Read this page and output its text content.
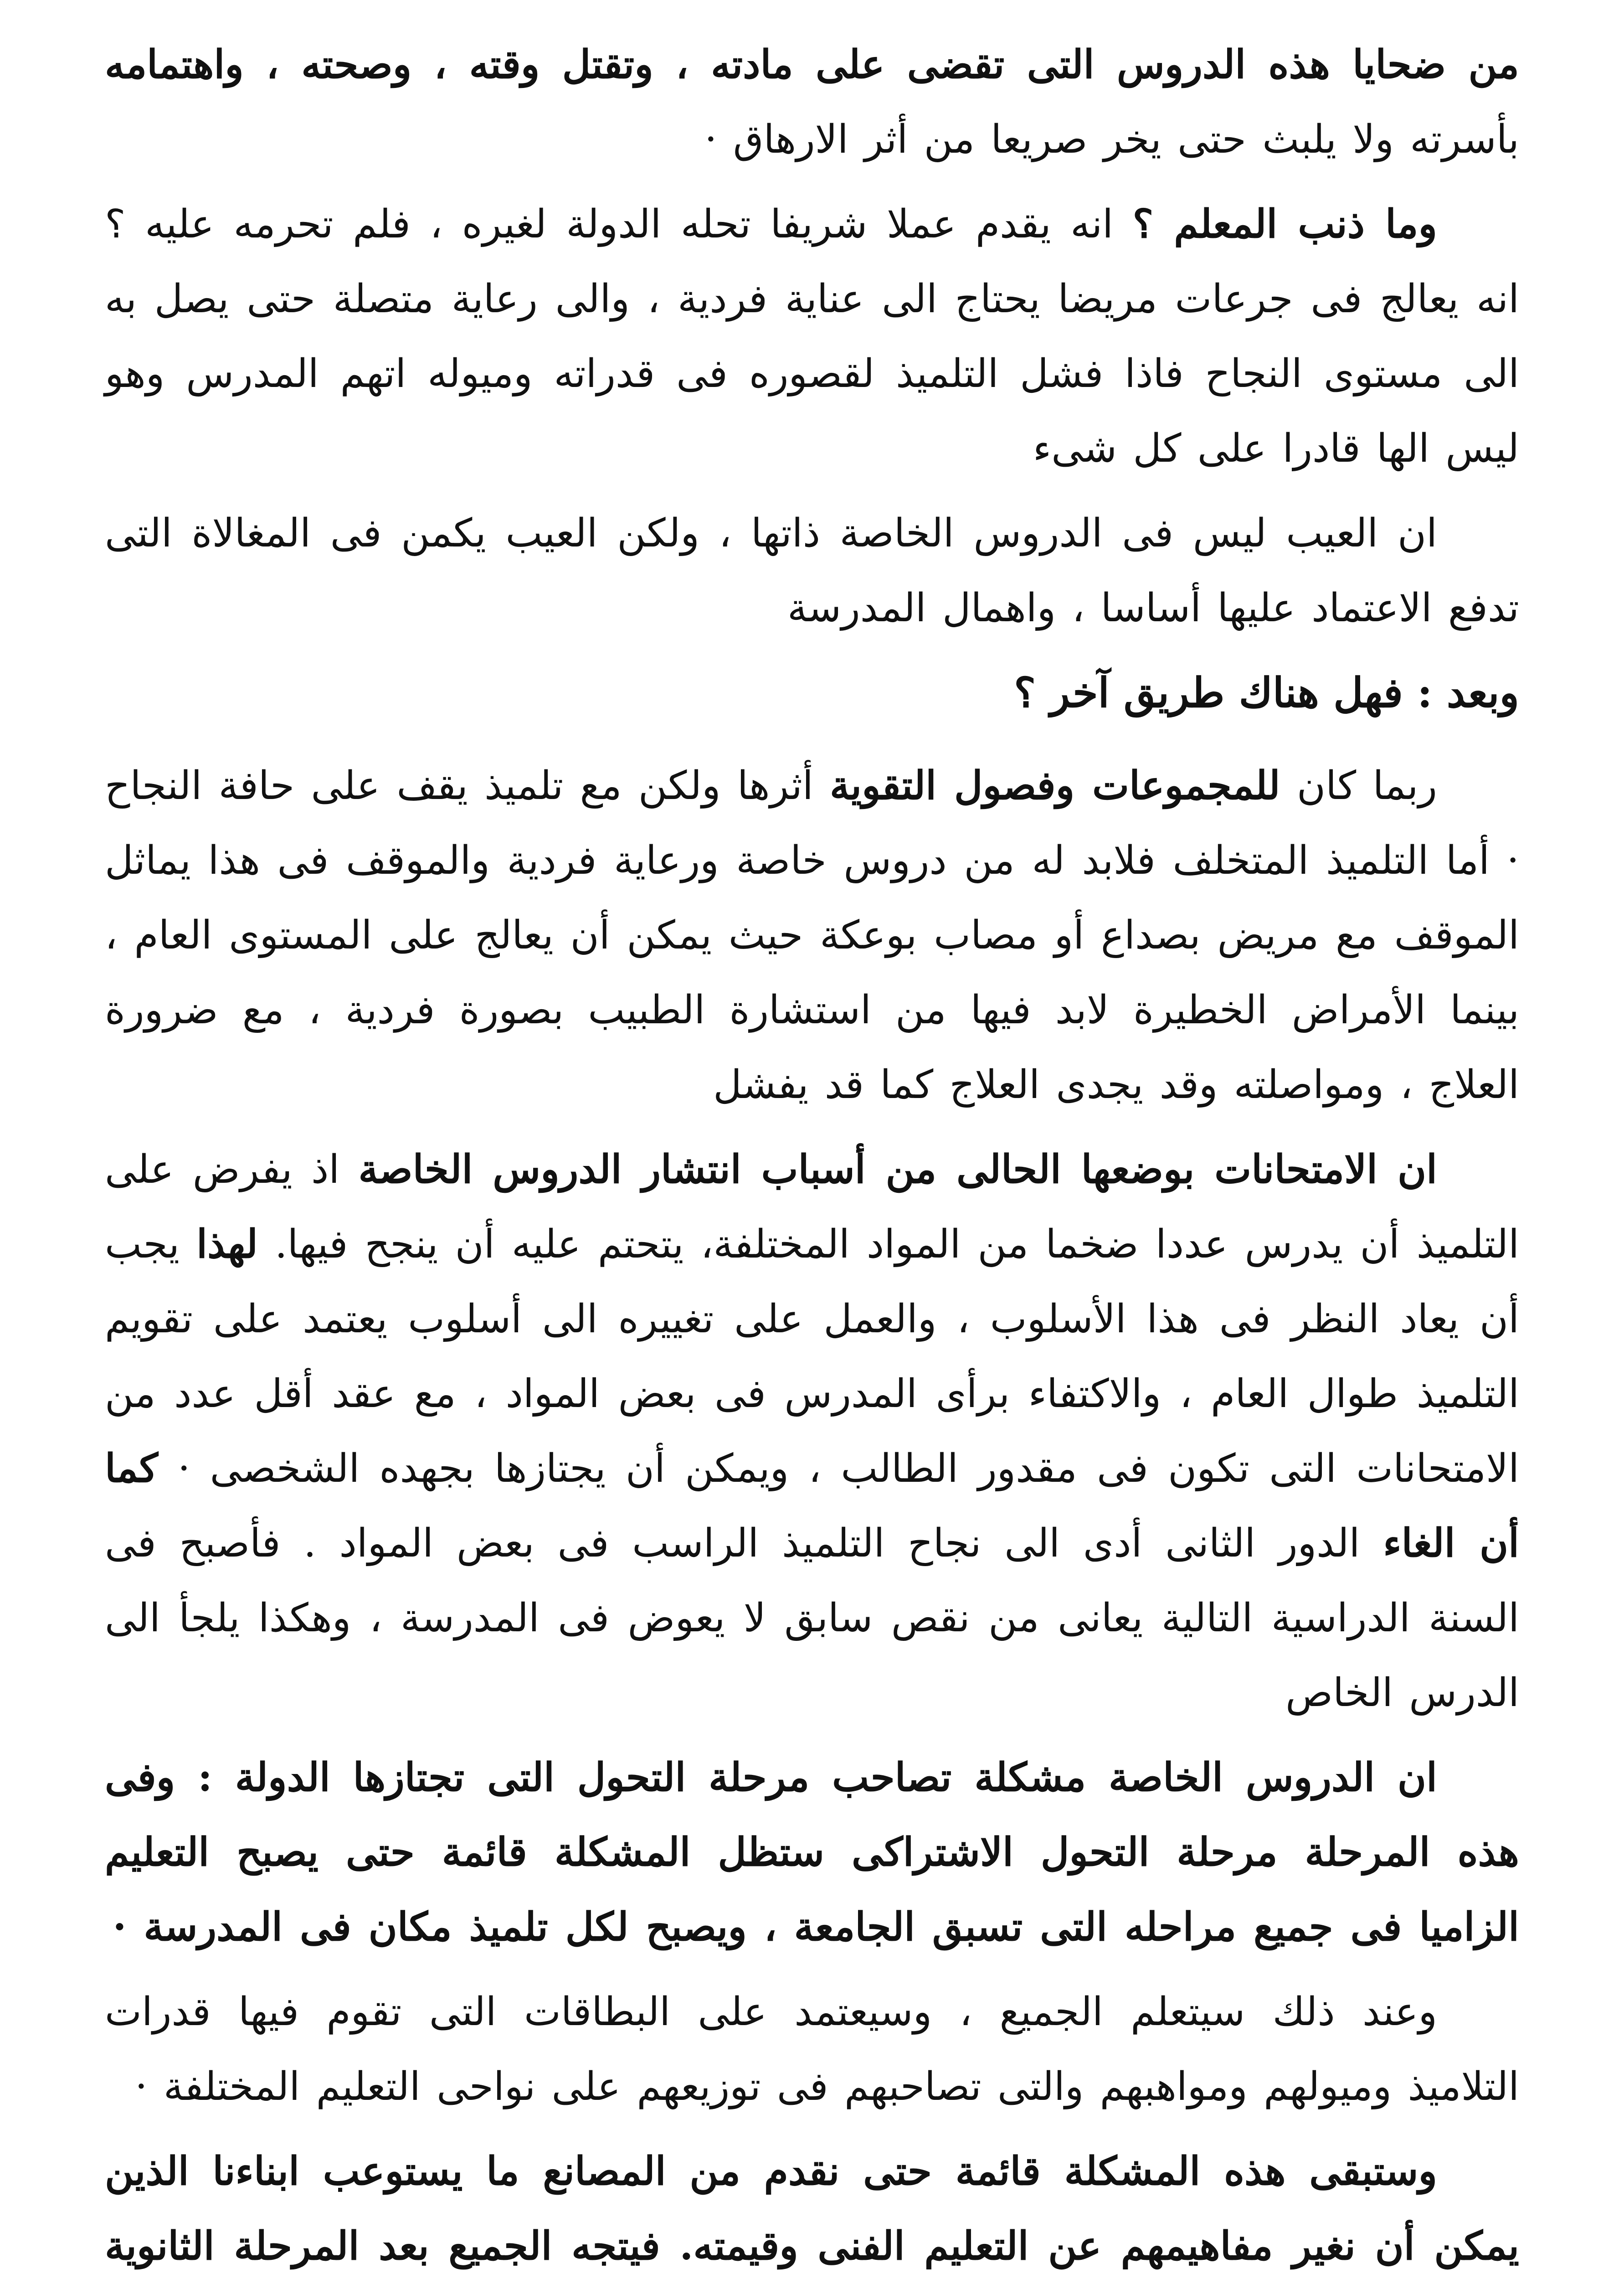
من ضحايا هذه الدروس التى تقضى على مادته ، وتقتل وقته ، وصحته ، واهتمامه بأسرته ولا يلبث حتى يخر صريعا من أثر الارهاق ·

وما ذنب المعلم ؟ انه يقدم عملا شريفا تحله الدولة لغيره ، فلم تحرمه عليه ؟ انه يعالج فى جرعات مريضا يحتاج الى عناية فردية ، والى رعاية متصلة حتى يصل به الى مستوى النجاح فاذا فشل التلميذ لقصوره فى قدراته وميوله اتهم المدرس وهو ليس الها قادرا على كل شىء

ان العيب ليس فى الدروس الخاصة ذاتها ، ولكن العيب يكمن فى المغالاة التى تدفع الاعتماد عليها أساسا ، واهمال المدرسة

وبعد : فهل هناك طريق آخر ؟

ربما كان للمجموعات وفصول التقوية أثرها ولكن مع تلميذ يقف على حافة النجاح · أما التلميذ المتخلف فلابد له من دروس خاصة ورعاية فردية والموقف فى هذا يماثل الموقف مع مريض بصداع أو مصاب بوعكة حيث يمكن أن يعالج على المستوى العام ، بينما الأمراض الخطيرة لابد فيها من استشارة الطبيب بصورة فردية ، مع ضرورة العلاج ، ومواصلته وقد يجدى العلاج كما قد يفشل

ان الامتحانات بوضعها الحالى من أسباب انتشار الدروس الخاصة اذ يفرض على التلميذ أن يدرس عددا ضخما من المواد المختلفة، يتحتم عليه أن ينجح فيها. لهذا يجب أن يعاد النظر فى هذا الأسلوب ، والعمل على تغييره الى أسلوب يعتمد على تقويم التلميذ طوال العام ، والاكتفاء برأى المدرس فى بعض المواد ، مع عقد أقل عدد من الامتحانات التى تكون فى مقدور الطالب ، ويمكن أن يجتازها بجهده الشخصى · كما أن الغاء الدور الثانى أدى الى نجاح التلميذ الراسب فى بعض المواد . فأصبح فى السنة الدراسية التالية يعانى من نقص سابق لا يعوض فى المدرسة ، وهكذا يلجأ الى الدرس الخاص

ان الدروس الخاصة مشكلة تصاحب مرحلة التحول التى تجتازها الدولة : وفى هذه المرحلة مرحلة التحول الاشتراكى ستظل المشكلة قائمة حتى يصبح التعليم الزاميا فى جميع مراحله التى تسبق الجامعة ، ويصبح لكل تلميذ مكان فى المدرسة ·

وعند ذلك سيتعلم الجميع ، وسيعتمد على البطاقات التى تقوم فيها قدرات التلاميذ وميولهم ومواهبهم والتى تصاحبهم فى توزيعهم على نواحى التعليم المختلفة ·

وستبقى هذه المشكلة قائمة حتى نقدم من المصانع ما يستوعب ابناءنا الذين يمكن أن نغير مفاهيمهم عن التعليم الفنى وقيمته. فيتجه الجميع بعد المرحلة الثانوية
